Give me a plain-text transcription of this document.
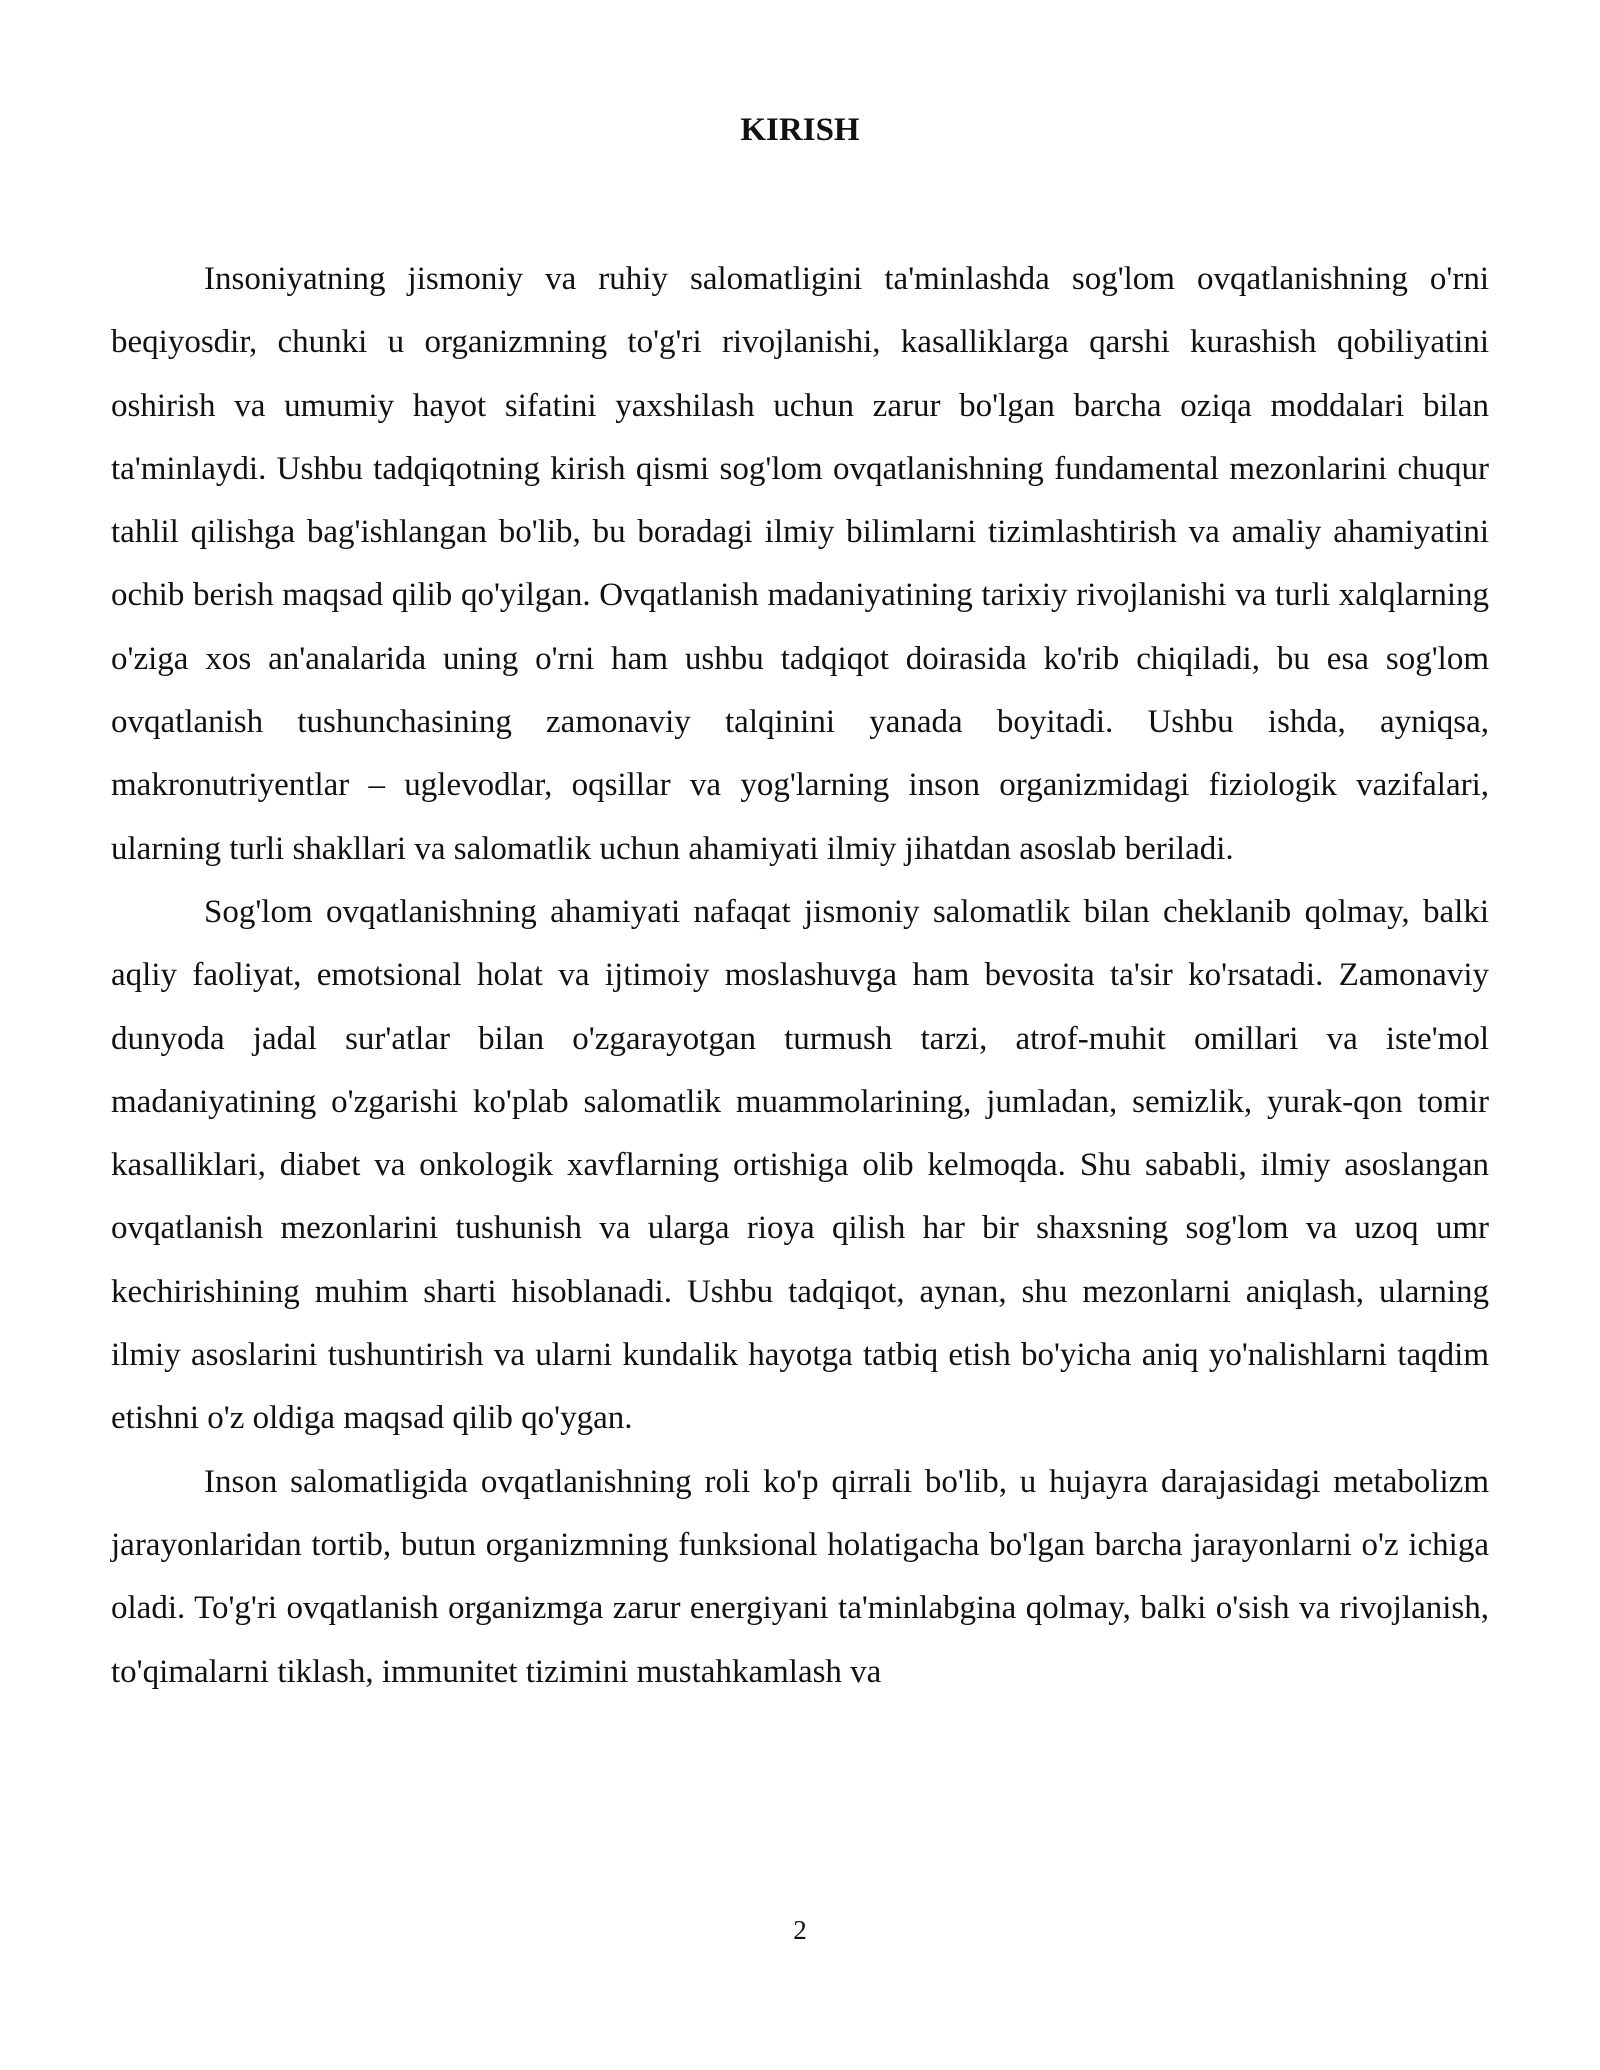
KIRISH

Insoniyatning jismoniy va ruhiy salomatligini ta'minlashda sog'lom ovqatlanishning o'rni beqiyosdir, chunki u organizmning to'g'ri rivojlanishi, kasalliklarga qarshi kurashish qobiliyatini oshirish va umumiy hayot sifatini yaxshilash uchun zarur bo'lgan barcha oziqa moddalari bilan ta'minlaydi. Ushbu tadqiqotning kirish qismi sog'lom ovqatlanishning fundamental mezonlarini chuqur tahlil qilishga bag'ishlangan bo'lib, bu boradagi ilmiy bilimlarni tizimlashtirish va amaliy ahamiyatini ochib berish maqsad qilib qo'yilgan. Ovqatlanish madaniyatining tarixiy rivojlanishi va turli xalqlarning o'ziga xos an'analarida uning o'rni ham ushbu tadqiqot doirasida ko'rib chiqiladi, bu esa sog'lom ovqatlanish tushunchasining zamonaviy talqinini yanada boyitadi. Ushbu ishda, ayniqsa, makronutriyentlar – uglevodlar, oqsillar va yog'larning inson organizmidagi fiziologik vazifalari, ularning turli shakllari va salomatlik uchun ahamiyati ilmiy jihatdan asoslab beriladi.

Sog'lom ovqatlanishning ahamiyati nafaqat jismoniy salomatlik bilan cheklanib qolmay, balki aqliy faoliyat, emotsional holat va ijtimoiy moslashuvga ham bevosita ta'sir ko'rsatadi. Zamonaviy dunyoda jadal sur'atlar bilan o'zgarayotgan turmush tarzi, atrof-muhit omillari va iste'mol madaniyatining o'zgarishi ko'plab salomatlik muammolarining, jumladan, semizlik, yurak-qon tomir kasalliklari, diabet va onkologik xavflarning ortishiga olib kelmoqda. Shu sababli, ilmiy asoslangan ovqatlanish mezonlarini tushunish va ularga rioya qilish har bir shaxsning sog'lom va uzoq umr kechirishining muhim sharti hisoblanadi. Ushbu tadqiqot, aynan, shu mezonlarni aniqlash, ularning ilmiy asoslarini tushuntirish va ularni kundalik hayotga tatbiq etish bo'yicha aniq yo'nalishlarni taqdim etishni o'z oldiga maqsad qilib qo'ygan.

Inson salomatligida ovqatlanishning roli ko'p qirrali bo'lib, u hujayra darajasidagi metabolizm jarayonlaridan tortib, butun organizmning funksional holatigacha bo'lgan barcha jarayonlarni o'z ichiga oladi. To'g'ri ovqatlanish organizmga zarur energiyani ta'minlabgina qolmay, balki o'sish va rivojlanish, to'qimalarni tiklash, immunitet tizimini mustahkamlash va

2
